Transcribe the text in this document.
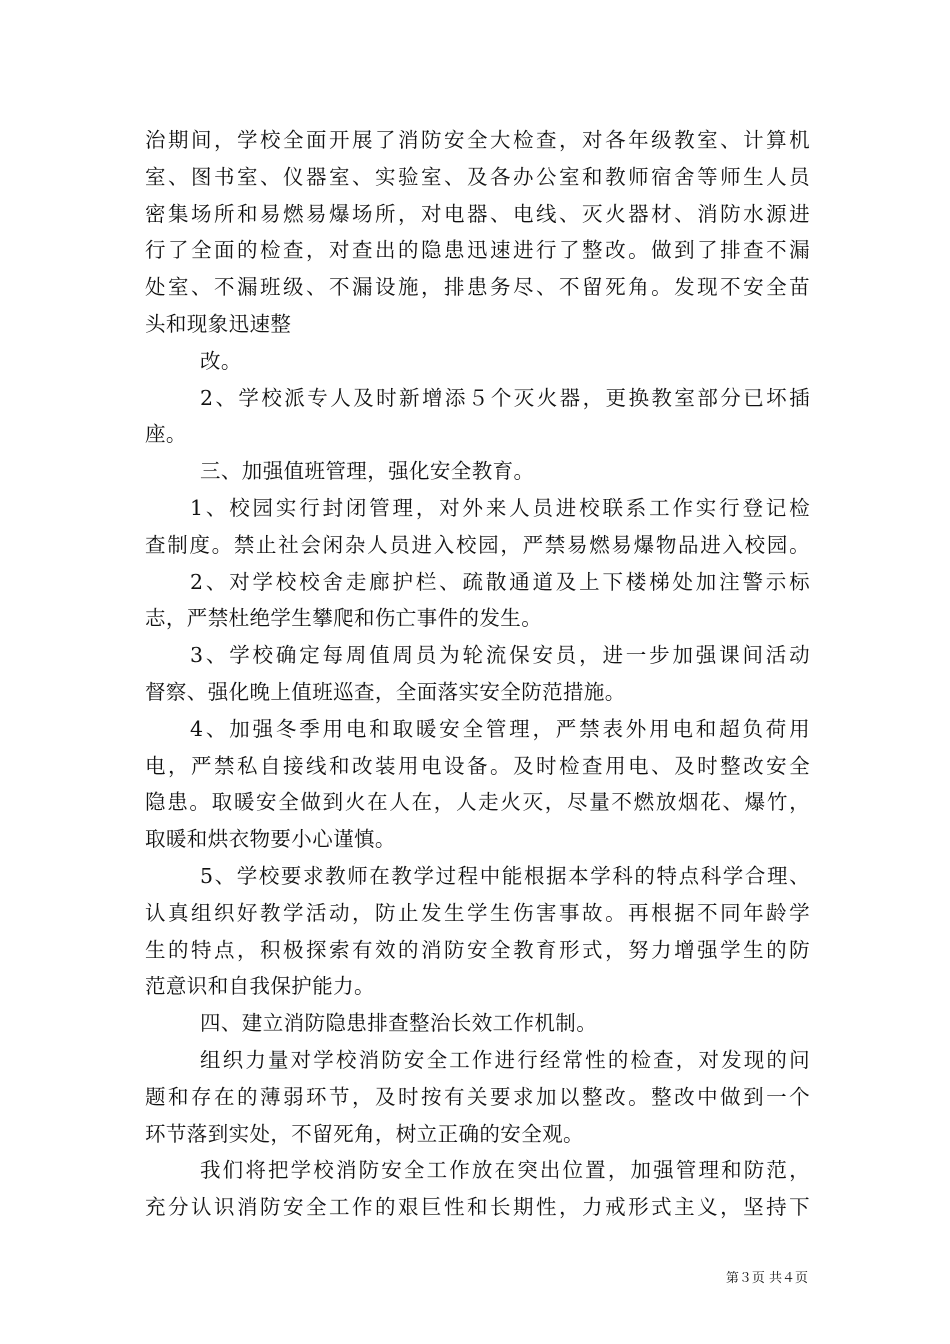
治期间，学校全面开展了消防安全大检查，对各年级教室、计算机
室、图书室、仪器室、实验室、及各办公室和教师宿舍等师生人员
密集场所和易燃易爆场所，对电器、电线、灭火器材、消防水源进
行了全面的检查，对查出的隐患迅速进行了整改。做到了排查不漏
处室、不漏班级、不漏设施，排患务尽、不留死角。发现不安全苗
头和现象迅速整
改。
2、学校派专人及时新增添５个灭火器，更换教室部分已坏插
座。
三、加强值班管理，强化安全教育。
1、校园实行封闭管理，对外来人员进校联系工作实行登记检
查制度。禁止社会闲杂人员进入校园，严禁易燃易爆物品进入校园。
2、对学校校舍走廊护栏、疏散通道及上下楼梯处加注警示标
志，严禁杜绝学生攀爬和伤亡事件的发生。
3、学校确定每周值周员为轮流保安员，进一步加强课间活动
督察、强化晚上值班巡查，全面落实安全防范措施。
4、加强冬季用电和取暖安全管理，严禁表外用电和超负荷用
电，严禁私自接线和改装用电设备。及时检查用电、及时整改安全
隐患。取暖安全做到火在人在，人走火灭，尽量不燃放烟花、爆竹，
取暖和烘衣物要小心谨慎。
5、学校要求教师在教学过程中能根据本学科的特点科学合理、
认真组织好教学活动，防止发生学生伤害事故。再根据不同年龄学
生的特点，积极探索有效的消防安全教育形式，努力增强学生的防
范意识和自我保护能力。
四、建立消防隐患排查整治长效工作机制。
组织力量对学校消防安全工作进行经常性的检查，对发现的问
题和存在的薄弱环节，及时按有关要求加以整改。整改中做到一个
环节落到实处，不留死角，树立正确的安全观。
我们将把学校消防安全工作放在突出位置，加强管理和防范，
充分认识消防安全工作的艰巨性和长期性，力戒形式主义，坚持下
第３页 共４页
